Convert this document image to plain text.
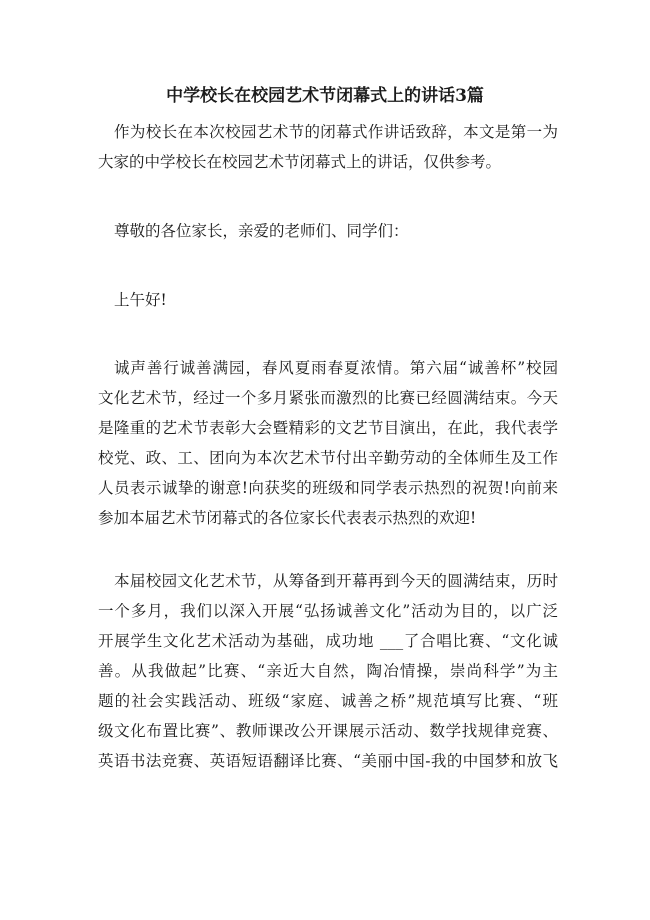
中学校长在校园艺术节闭幕式上的讲话3篇
作为校长在本次校园艺术节的闭幕式作讲话致辞，本文是第一为
大家的中学校长在校园艺术节闭幕式上的讲话，仅供参考。
尊敬的各位家长，亲爱的老师们、同学们：
上午好!
诚声善行诚善满园，春风夏雨春夏浓情。第六届“诚善杯”校园
文化艺术节，经过一个多月紧张而激烈的比赛已经圆满结束。今天
是隆重的艺术节表彰大会暨精彩的文艺节目演出，在此，我代表学
校党、政、工、团向为本次艺术节付出辛勤劳动的全体师生及工作
人员表示诚挚的谢意!向获奖的班级和同学表示热烈的祝贺!向前来
参加本届艺术节闭幕式的各位家长代表表示热烈的欢迎!
本届校园文化艺术节，从筹备到开幕再到今天的圆满结束，历时
一个多月，我们以深入开展“弘扬诚善文化”活动为目的，以广泛
开展学生文化艺术活动为基础，成功地 ___了合唱比赛、“文化诚
善。从我做起”比赛、“亲近大自然，陶冶情操，崇尚科学”为主
题的社会实践活动、班级“家庭、诚善之桥”规范填写比赛、“班
级文化布置比赛”、教师课改公开课展示活动、数学找规律竞赛、
英语书法竞赛、英语短语翻译比赛、“美丽中国-我的中国梦和放飞
